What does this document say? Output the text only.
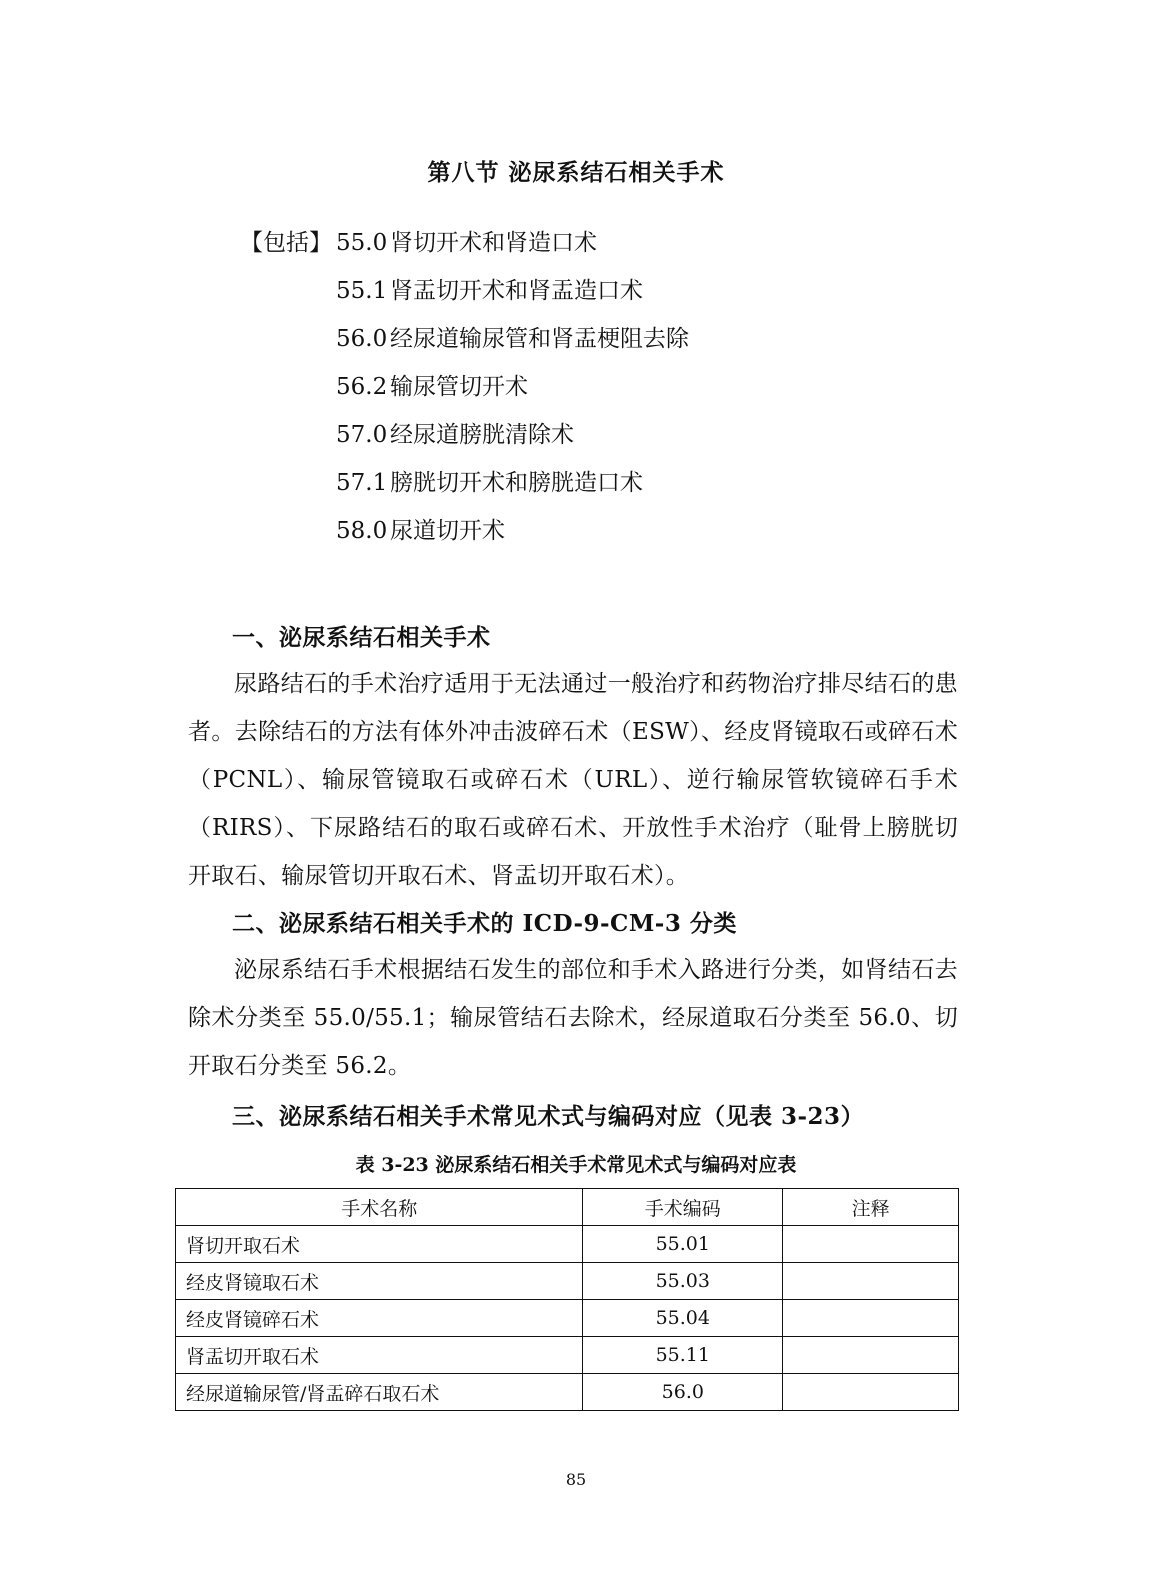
第八节 泌尿系结石相关手术
【包括】 55.0 肾切开术和肾造口术
55.1 肾盂切开术和肾盂造口术
56.0 经尿道输尿管和肾盂梗阻去除
56.2 输尿管切开术
57.0 经尿道膀胱清除术
57.1 膀胱切开术和膀胱造口术
58.0 尿道切开术
一、泌尿系结石相关手术
尿路结石的手术治疗适用于无法通过一般治疗和药物治疗排尽结石的患者。去除结石的方法有体外冲击波碎石术（ESW）、经皮肾镜取石或碎石术（PCNL）、输尿管镜取石或碎石术（URL）、逆行输尿管软镜碎石手术（RIRS）、下尿路结石的取石或碎石术、开放性手术治疗（耻骨上膀胱切开取石、输尿管切开取石术、肾盂切开取石术）。
二、泌尿系结石相关手术的 ICD-9-CM-3 分类
泌尿系结石手术根据结石发生的部位和手术入路进行分类，如肾结石去除术分类至 55.0/55.1；输尿管结石去除术，经尿道取石分类至 56.0、切开取石分类至 56.2。
三、泌尿系结石相关手术常见术式与编码对应（见表 3-23）
表 3-23 泌尿系结石相关手术常见术式与编码对应表
手术名称	手术编码	注释
肾切开取石术	55.01	
经皮肾镜取石术	55.03	
经皮肾镜碎石术	55.04	
肾盂切开取石术	55.11	
经尿道输尿管/肾盂碎石取石术	56.0	
85
